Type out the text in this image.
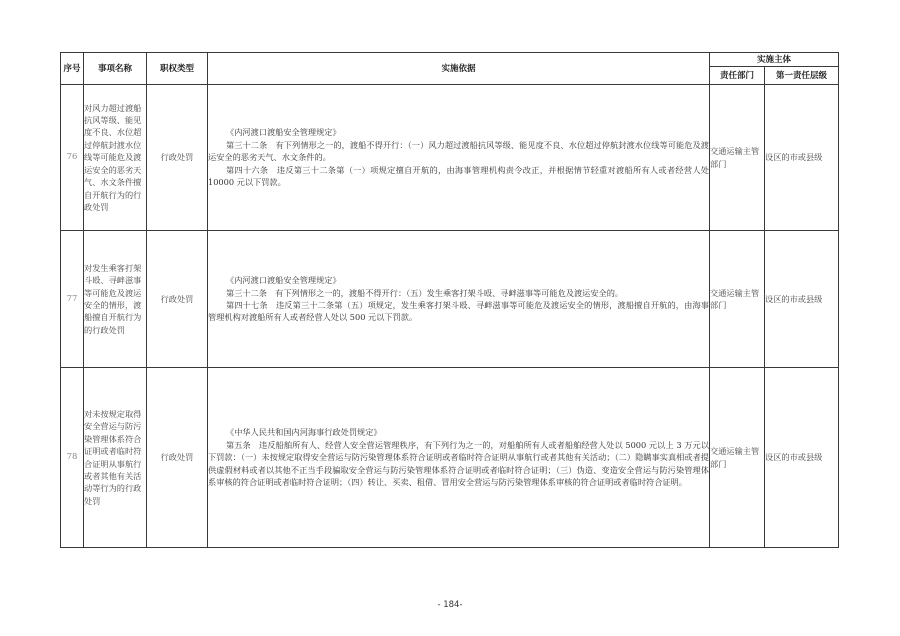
序号	事项名称	职权类型	实施依据	实施主体	
				责任部门	第一责任层级
76	对风力超过渡船抗风等级、能见度不良、水位超过停航封渡水位线等可能危及渡运安全的恶劣天气、水文条件擅自开航行为的行政处罚	行政处罚	《内河渡口渡船安全管理规定》

第三十二条　有下列情形之一的，渡船不得开行：（一）风力超过渡船抗风等级、能见度不良、水位超过停航封渡水位线等可能危及渡运安全的恶劣天气、水文条件的。

第四十六条　违反第三十二条第（一）项规定擅自开航的，由海事管理机构责令改正，并根据情节轻重对渡船所有人或者经营人处 10000 元以下罚款。	交通运输主管部门	设区的市或县级
77	对发生乘客打架斗殴、寻衅滋事等可能危及渡运安全的情形，渡船擅自开航行为的行政处罚	行政处罚	《内河渡口渡船安全管理规定》

第三十二条　有下列情形之一的，渡船不得开行：（五）发生乘客打架斗殴、寻衅滋事等可能危及渡运安全的。

第四十七条　违反第三十二条第（五）项规定，发生乘客打架斗殴、寻衅滋事等可能危及渡运安全的情形，渡船擅自开航的，由海事管理机构对渡船所有人或者经营人处以 500 元以下罚款。	交通运输主管部门	设区的市或县级
78	对未按规定取得安全营运与防污染管理体系符合证明或者临时符合证明从事航行或者其他有关活动等行为的行政处罚	行政处罚	《中华人民共和国内河海事行政处罚规定》

第五条　违反船舶所有人、经营人安全营运管理秩序，有下列行为之一的，对船舶所有人或者船舶经营人处以 5000 元以上 3 万元以下罚款：（一）未按规定取得安全营运与防污染管理体系符合证明或者临时符合证明从事航行或者其他有关活动；（二）隐瞒事实真相或者提供虚假材料或者以其他不正当手段骗取安全营运与防污染管理体系符合证明或者临时符合证明；（三）伪造、变造安全营运与防污染管理体系审核的符合证明或者临时符合证明；（四）转让、买卖、租借、冒用安全营运与防污染管理体系审核的符合证明或者临时符合证明。	交通运输主管部门	设区的市或县级
- 184-
